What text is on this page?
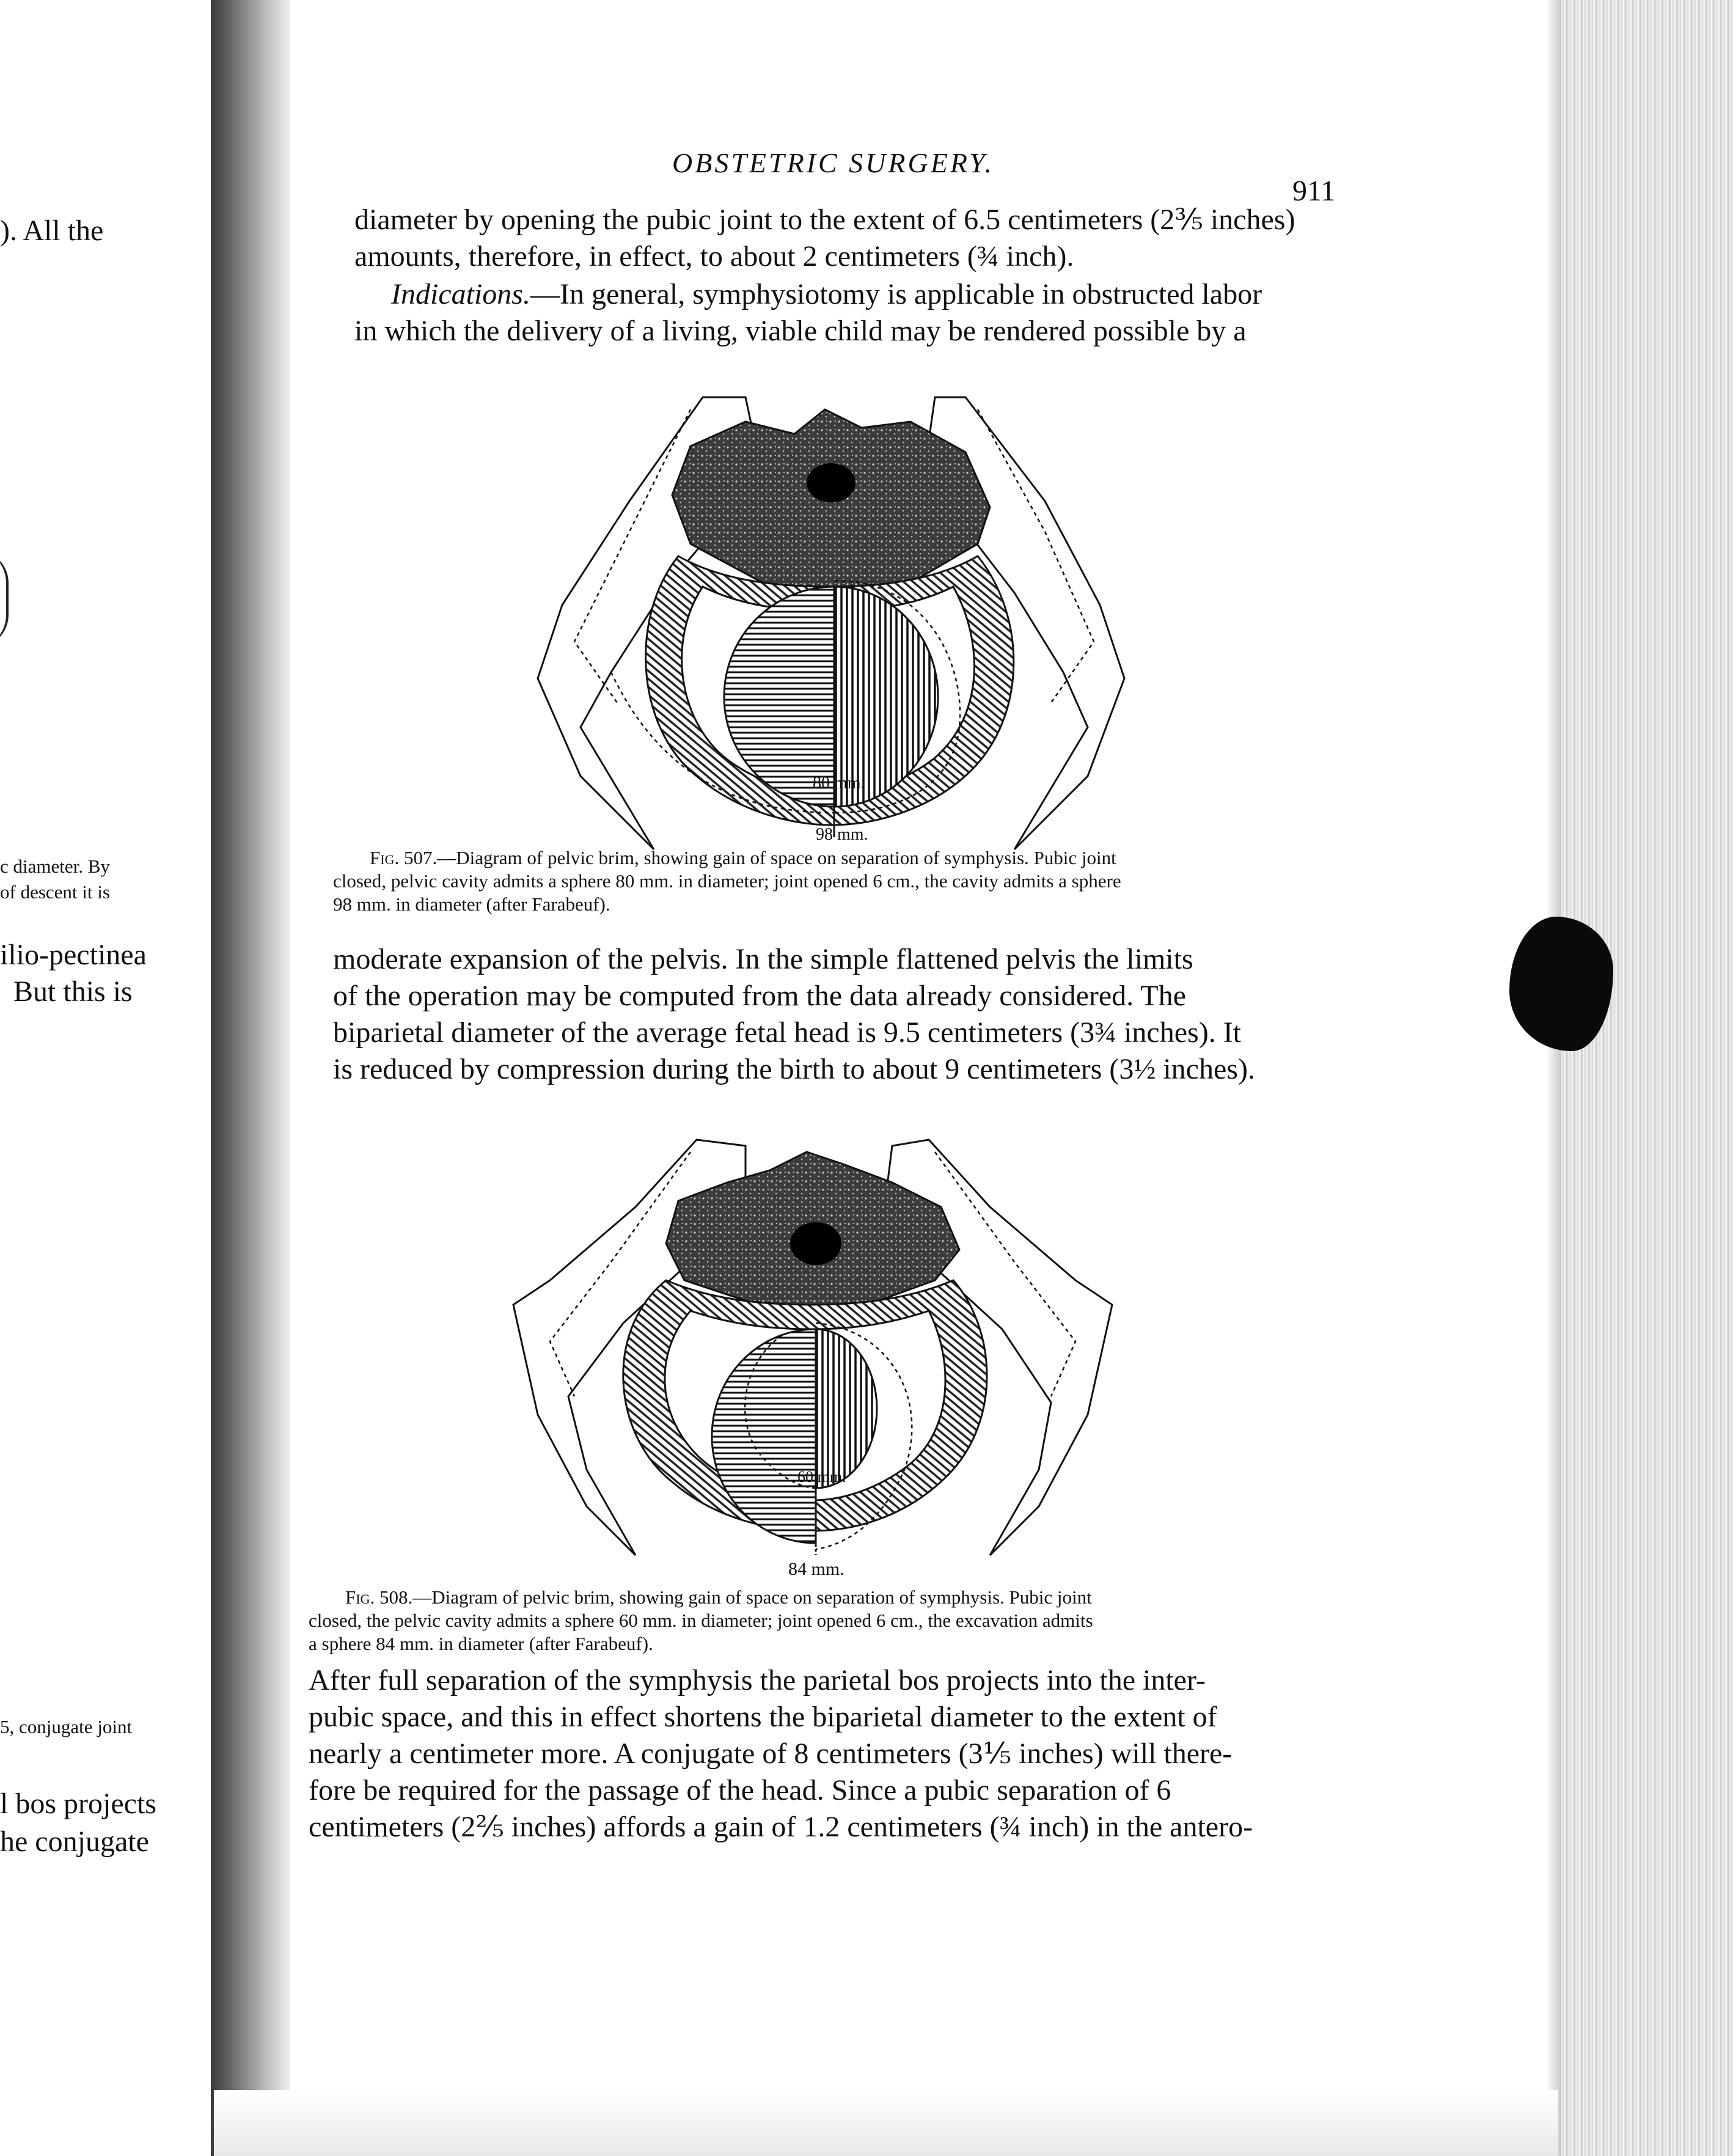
). All the
c diameter. By
of descent it is
ilio-pectinea
But this is
5, conjugate joint
l bos projects
he conjugate
OBSTETRIC SURGERY.
911
diameter by opening the pubic joint to the extent of 6.5 centimeters (2⅗ inches)
amounts, therefore, in effect, to about 2 centimeters (¾ inch).
Indications.—In general, symphysiotomy is applicable in obstructed labor
in which the delivery of a living, viable child may be rendered possible by a
80 mm.
98 mm.
Fig. 507.—Diagram of pelvic brim, showing gain of space on separation of symphysis. Pubic joint
closed, pelvic cavity admits a sphere 80 mm. in diameter; joint opened 6 cm., the cavity admits a sphere
98 mm. in diameter (after Farabeuf).
moderate expansion of the pelvis. In the simple flattened pelvis the limits
of the operation may be computed from the data already considered. The
biparietal diameter of the average fetal head is 9.5 centimeters (3¾ inches). It
is reduced by compression during the birth to about 9 centimeters (3½ inches).
60 mm.
84 mm.
Fig. 508.—Diagram of pelvic brim, showing gain of space on separation of symphysis. Pubic joint
closed, the pelvic cavity admits a sphere 60 mm. in diameter; joint opened 6 cm., the excavation admits
a sphere 84 mm. in diameter (after Farabeuf).
After full separation of the symphysis the parietal bos projects into the inter-
pubic space, and this in effect shortens the biparietal diameter to the extent of
nearly a centimeter more. A conjugate of 8 centimeters (3⅕ inches) will there-
fore be required for the passage of the head. Since a pubic separation of 6
centimeters (2⅖ inches) affords a gain of 1.2 centimeters (¾ inch) in the antero-
